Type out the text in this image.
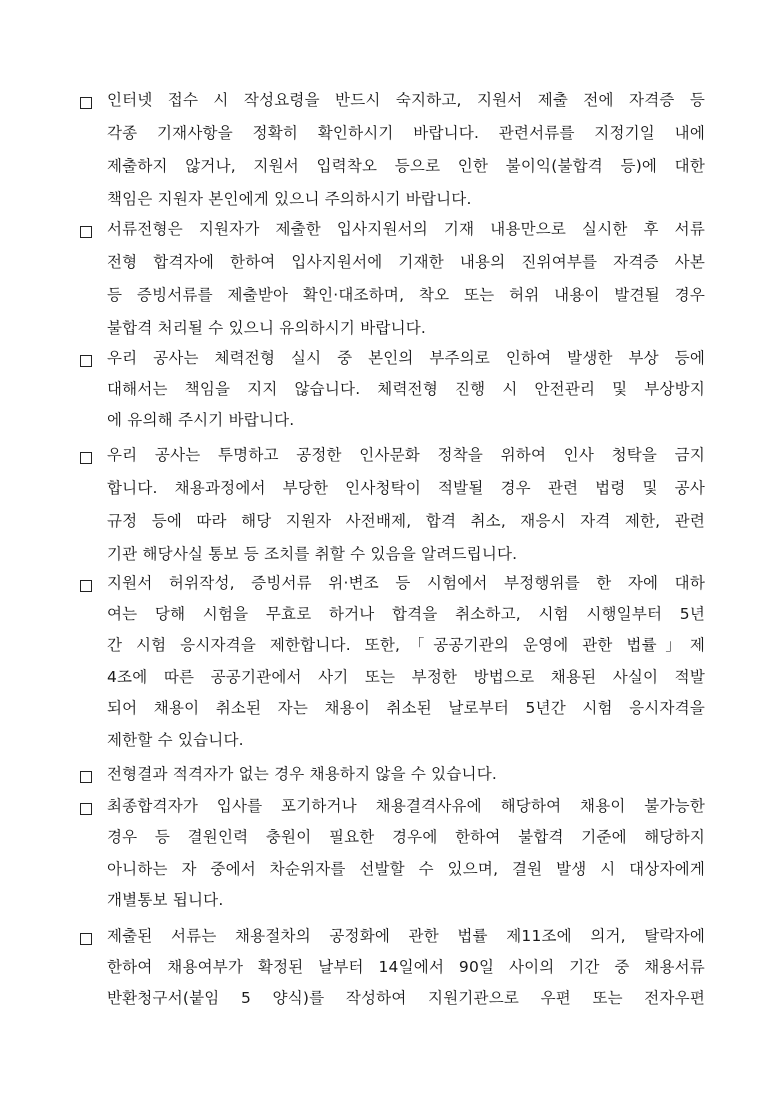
인터넷 접수 시 작성요령을 반드시 숙지하고, 지원서 제출 전에 자격증 등
각종 기재사항을 정확히 확인하시기 바랍니다. 관련서류를 지정기일 내에
제출하지 않거나, 지원서 입력착오 등으로 인한 불이익(불합격 등)에 대한
책임은 지원자 본인에게 있으니 주의하시기 바랍니다.
서류전형은 지원자가 제출한 입사지원서의 기재 내용만으로 실시한 후 서류
전형 합격자에 한하여 입사지원서에 기재한 내용의 진위여부를 자격증 사본
등 증빙서류를 제출받아 확인·대조하며, 착오 또는 허위 내용이 발견될 경우
불합격 처리될 수 있으니 유의하시기 바랍니다.
우리 공사는 체력전형 실시 중 본인의 부주의로 인하여 발생한 부상 등에
대해서는 책임을 지지 않습니다. 체력전형 진행 시 안전관리 및 부상방지
에 유의해 주시기 바랍니다.
우리 공사는 투명하고 공정한 인사문화 정착을 위하여 인사 청탁을 금지
합니다. 채용과정에서 부당한 인사청탁이 적발될 경우 관련 법령 및 공사
규정 등에 따라 해당 지원자 사전배제, 합격 취소, 재응시 자격 제한, 관련
기관 해당사실 통보 등 조치를 취할 수 있음을 알려드립니다.
지원서 허위작성, 증빙서류 위·변조 등 시험에서 부정행위를 한 자에 대하
여는 당해 시험을 무효로 하거나 합격을 취소하고, 시험 시행일부터 5년
간 시험 응시자격을 제한합니다. 또한,「공공기관의 운영에 관한 법률」제
4조에 따른 공공기관에서 사기 또는 부정한 방법으로 채용된 사실이 적발
되어 채용이 취소된 자는 채용이 취소된 날로부터 5년간 시험 응시자격을
제한할 수 있습니다.
전형결과 적격자가 없는 경우 채용하지 않을 수 있습니다.
최종합격자가 입사를 포기하거나 채용결격사유에 해당하여 채용이 불가능한
경우 등 결원인력 충원이 필요한 경우에 한하여 불합격 기준에 해당하지
아니하는 자 중에서 차순위자를 선발할 수 있으며, 결원 발생 시 대상자에게
개별통보 됩니다.
제출된 서류는 채용절차의 공정화에 관한 법률 제11조에 의거, 탈락자에
한하여 채용여부가 확정된 날부터 14일에서 90일 사이의 기간 중 채용서류
반환청구서(붙임 5 양식)를 작성하여 지원기관으로 우편 또는 전자우편
